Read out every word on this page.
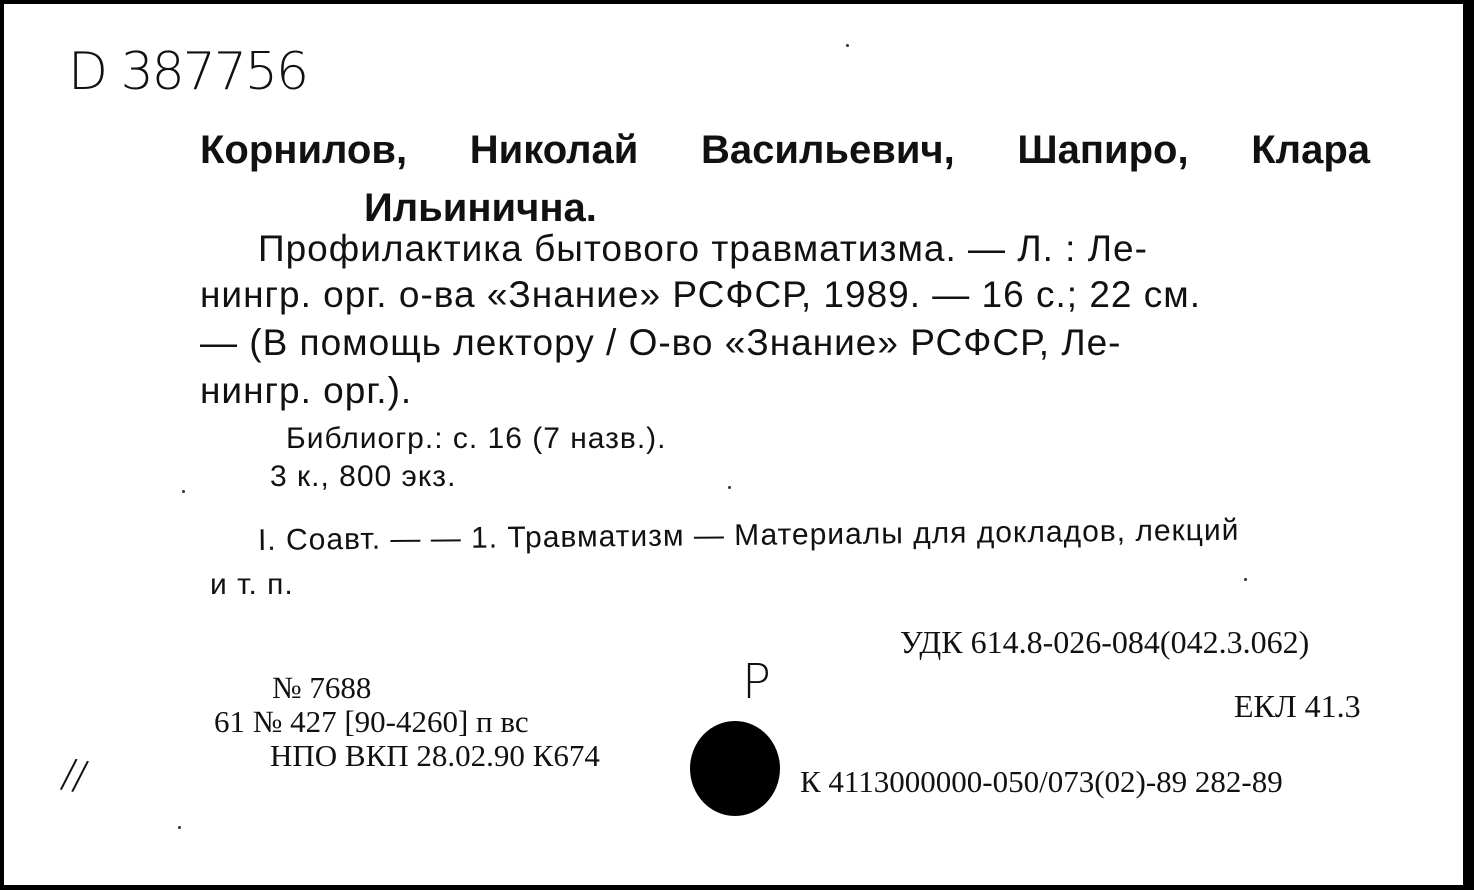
D 387756
Корнилов, Николай Васильевич, Шапиро, Клара
Ильинична.
Профилактика бытового травматизма. — Л. : Ле-
нингр. орг. о-ва «Знание» РСФСР, 1989. — 16 с.; 22 см.
— (В помощь лектору / О-во «Знание» РСФСР, Ле-
нингр. орг.).
Библиогр.: с. 16 (7 назв.).
3 к., 800 экз.
I. Соавт. — — 1. Травматизм — Материалы для докладов, лекций
и т. п.
УДК 614.8-026-084(042.3.062)
№ 7688
61 № 427 [90-4260] п вс
НПО ВКП 28.02.90 К674
Р	ЕКЛ 41.3
К 4113000000-050/073(02)-89 282-89
//
